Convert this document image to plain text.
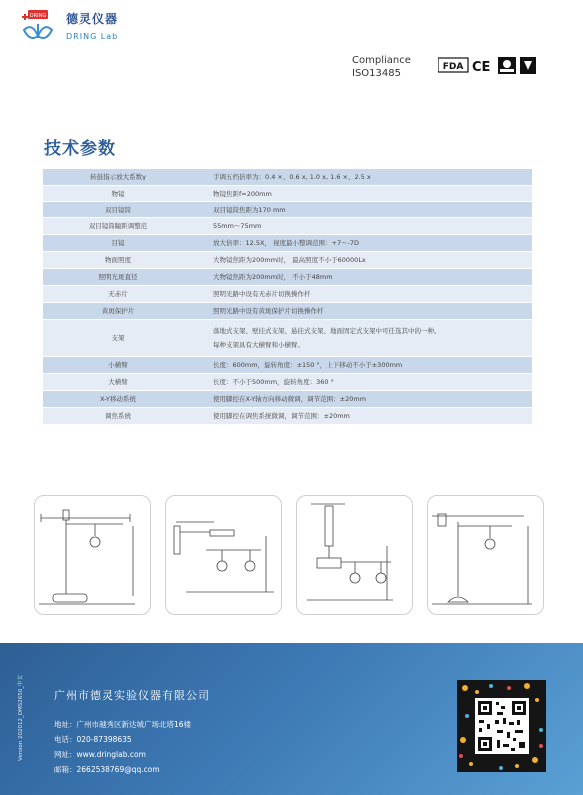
DRING 德灵仪器
DRING Lab
Compliance
ISO13485
FDA CE
技术参数
转鼓指示放大系数γ	手调五档倍率为：0.4 ×、0.6 x, 1.0 x, 1.6 ×、2.5 x
物镜	物镜焦距f=200mm
双目镜筒	双目镜筒焦距为170 mm
双目镜筒瞳距调整范	55mm～75mm
目镜	放大倍率：12.5X， 视度最小整调范围：+7～-7D
物面照度	大物镜焦距为200mm时， 最高照度不小于60000Lx
照明光斑直径	大物镜焦距为200mm时， 不小于48mm
无赤片	照明光路中设有无赤片切换操作杆
黄斑保护片	照明光路中设有黄斑保护片切换操作杆
支架	落地式支架、壁挂式支架、悬挂式支架、地面固定式支架中可任选其中的一种。
每种支架具有大横臂和小横臂。

小横臂	长度：600mm，旋转角度：±150 °，上下移动不小于±300mm
大横臂	长度：不小于500mm，旋转角度：360 °
X-Y移动系统	使用脚控在X-Y轴方向移动微调，调节范围：±20mm
调焦系统	使用脚控在调焦系统微调，调节范围：±20mm
Version 202012_OMS2650_中文	广州市德灵实验仪器有限公司
地址：广州市越秀区新达城广场北塔16楼
电话：020-87398635
网址：www.dringlab.com
邮箱：2662538769@qq.com
